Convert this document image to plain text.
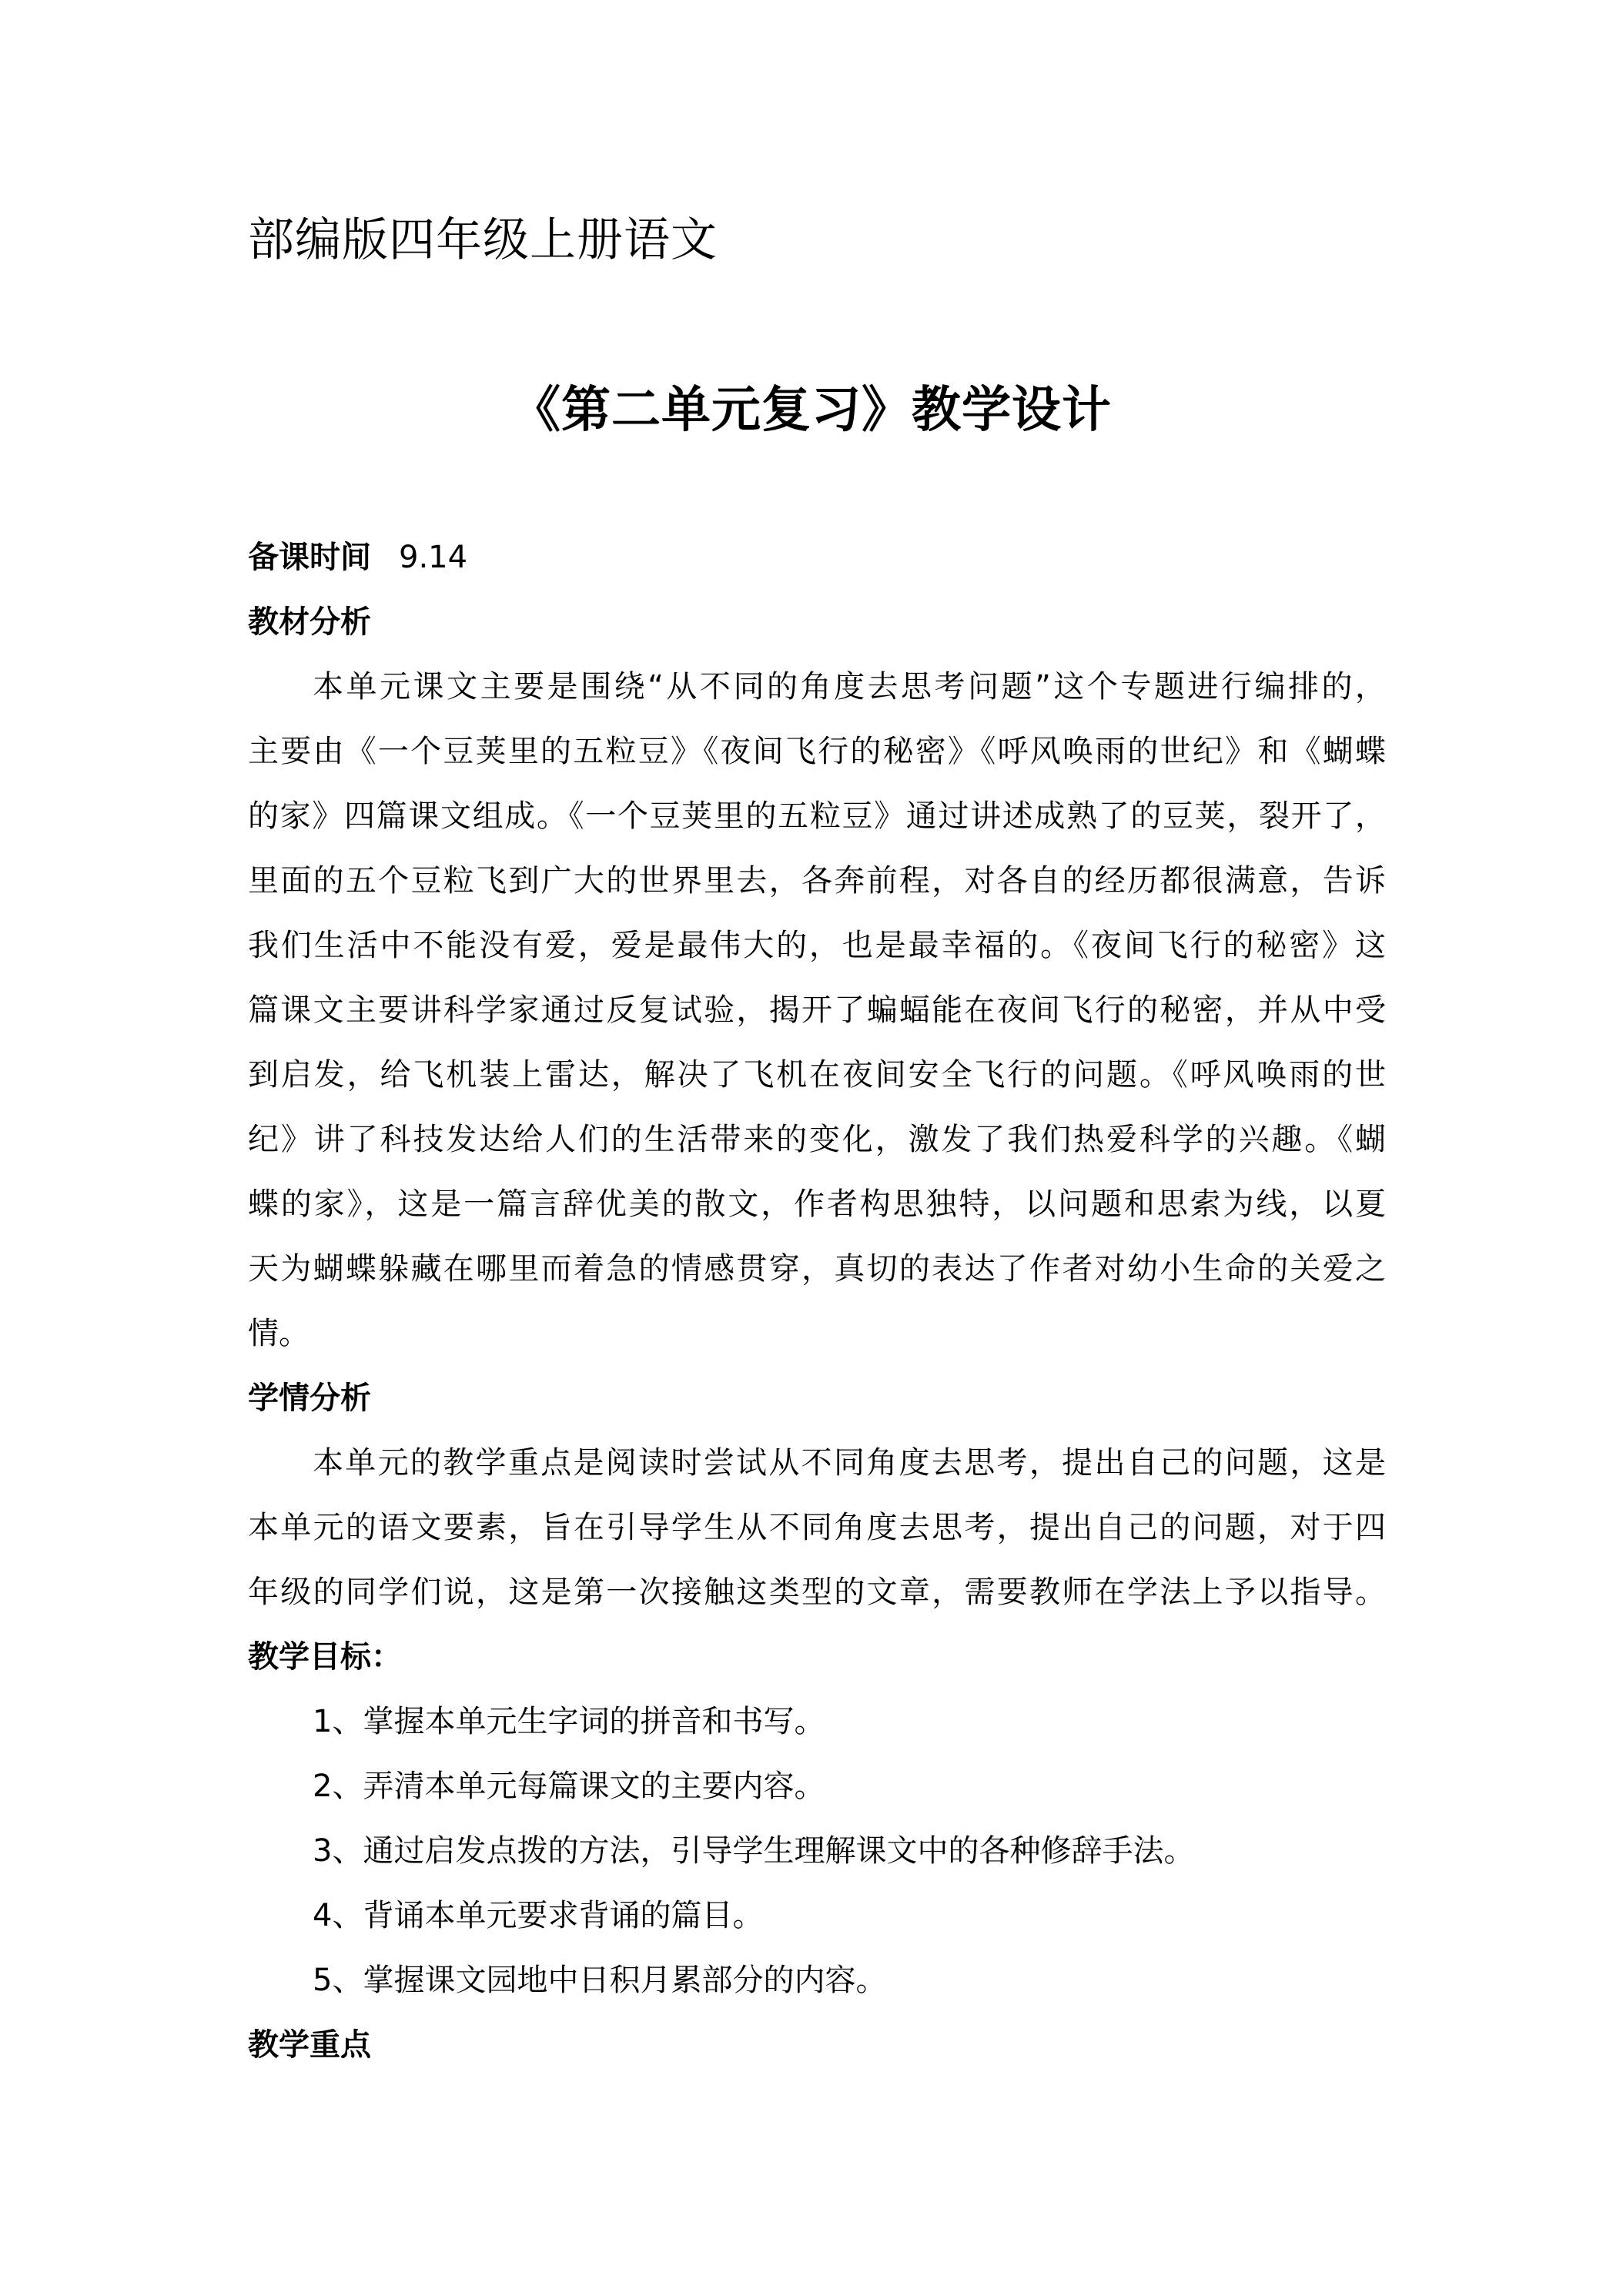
部编版四年级上册语文
《第二单元复习》教学设计
备课时间 9.14
教材分析
本单元课文主要是围绕“从不同的角度去思考问题”这个专题进行编排的，
主要由《一个豆荚里的五粒豆》《夜间飞行的秘密》《呼风唤雨的世纪》和《蝴蝶
的家》四篇课文组成。《一个豆荚里的五粒豆》通过讲述成熟了的豆荚，裂开了，
里面的五个豆粒飞到广大的世界里去，各奔前程，对各自的经历都很满意，告诉
我们生活中不能没有爱，爱是最伟大的，也是最幸福的。《夜间飞行的秘密》这
篇课文主要讲科学家通过反复试验，揭开了蝙蝠能在夜间飞行的秘密，并从中受
到启发，给飞机装上雷达，解决了飞机在夜间安全飞行的问题。《呼风唤雨的世
纪》讲了科技发达给人们的生活带来的变化，激发了我们热爱科学的兴趣。《蝴
蝶的家》，这是一篇言辞优美的散文，作者构思独特，以问题和思索为线，以夏
天为蝴蝶躲藏在哪里而着急的情感贯穿，真切的表达了作者对幼小生命的关爱之
情。
学情分析
本单元的教学重点是阅读时尝试从不同角度去思考，提出自己的问题，这是
本单元的语文要素，旨在引导学生从不同角度去思考，提出自己的问题，对于四
年级的同学们说，这是第一次接触这类型的文章，需要教师在学法上予以指导。
教学目标：
1、掌握本单元生字词的拼音和书写。
2、弄清本单元每篇课文的主要内容。
3、通过启发点拨的方法，引导学生理解课文中的各种修辞手法。
4、背诵本单元要求背诵的篇目。
5、掌握课文园地中日积月累部分的内容。
教学重点
